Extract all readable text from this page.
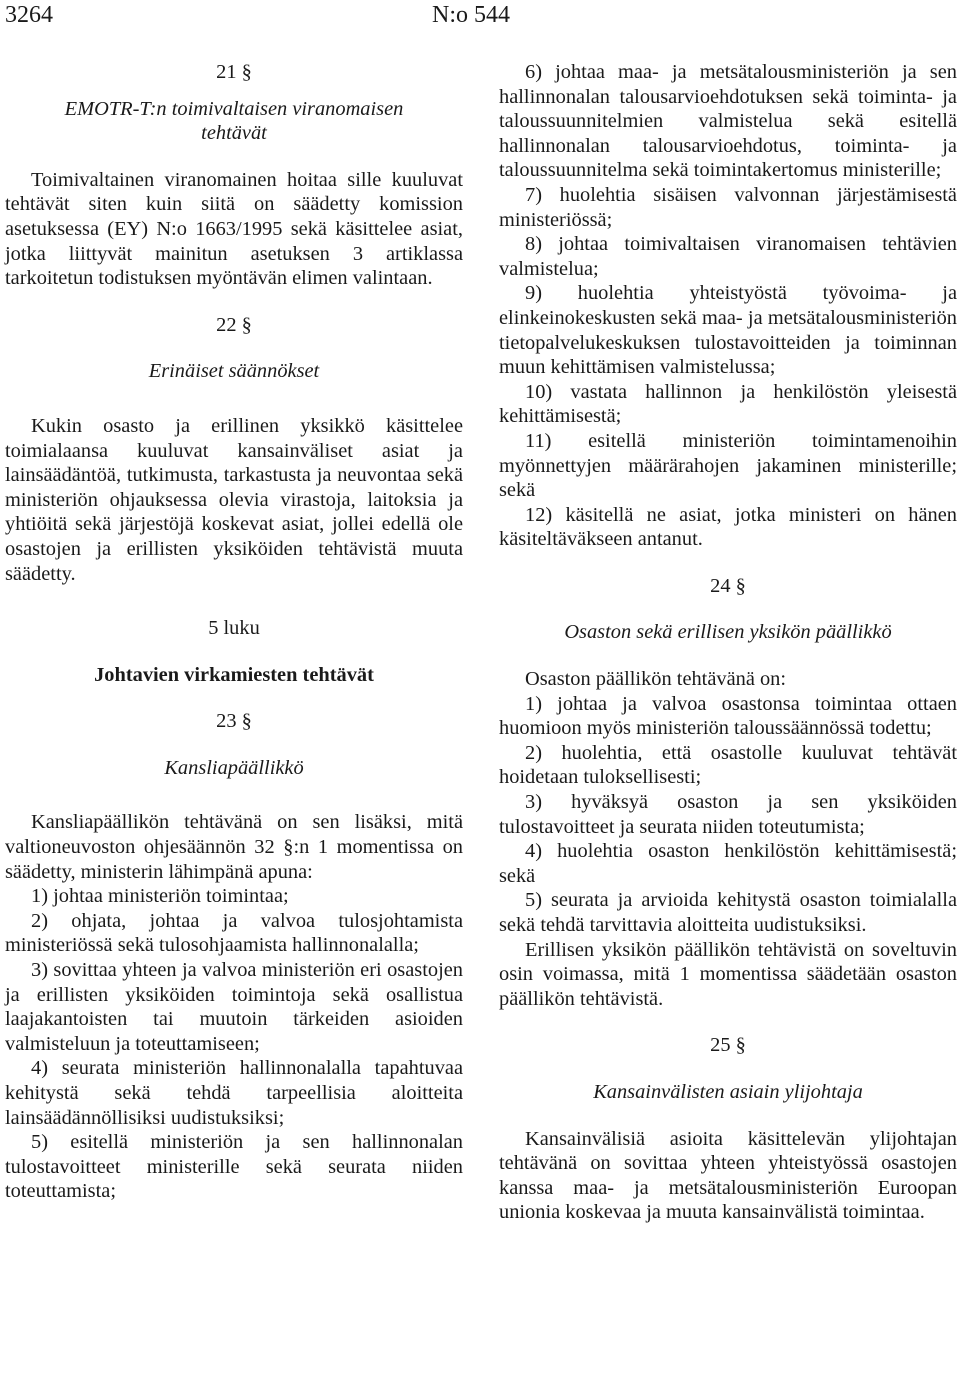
3264	N:o 544
21 §
EMOTR-T:n toimivaltaisen viranomaisen tehtävät

Toimivaltainen viranomainen hoitaa sille kuuluvat tehtävät siten kuin siitä on säädetty komission asetuksessa (EY) N:o 1663/1995 sekä käsittelee asiat, jotka liittyvät mainitun asetuksen 3 artiklassa tarkoitetun todistuksen myöntävän elimen valintaan.

22 §
Erinäiset säännökset

Kukin osasto ja erillinen yksikkö käsittelee toimialaansa kuuluvat kansainväliset asiat ja lainsäädäntöä, tutkimusta, tarkastusta ja neuvontaa sekä ministeriön ohjauksessa olevia virastoja, laitoksia ja yhtiöitä sekä järjestöjä koskevat asiat, jollei edellä ole osastojen ja erillisten yksiköiden tehtävistä muuta säädetty.

5 luku
Johtavien virkamiesten tehtävät
23 §
Kansliapäällikkö

Kansliapäällikön tehtävänä on sen lisäksi, mitä valtioneuvoston ohjesäännön 32 §:n 1 momentissa on säädetty, ministerin lähimpänä apuna:

1) johtaa ministeriön toimintaa;

2) ohjata, johtaa ja valvoa tulosjohtamista ministeriössä sekä tulosohjaamista hallinnonalalla;

3) sovittaa yhteen ja valvoa ministeriön eri osastojen ja erillisten yksiköiden toimintoja sekä osallistua laajakantoisten tai muutoin tärkeiden asioiden valmisteluun ja toteuttamiseen;

4) seurata ministeriön hallinnonalalla tapahtuvaa kehitystä sekä tehdä tarpeellisia aloitteita lainsäädännöllisiksi uudistuksiksi;

5) esitellä ministeriön ja sen hallinnonalan tulostavoitteet ministerille sekä seurata niiden toteuttamista;

6) johtaa maa- ja metsätalousministeriön ja sen hallinnonalan talousarvioehdotuksen sekä toiminta- ja taloussuunnitelmien valmistelua sekä esitellä hallinnonalan talousarvioehdotus, toiminta- ja taloussuunnitelma sekä toimintakertomus ministerille;

7) huolehtia sisäisen valvonnan järjestämisestä ministeriössä;

8) johtaa toimivaltaisen viranomaisen tehtävien valmistelua;

9) huolehtia yhteistyöstä työvoima- ja elinkeinokeskusten sekä maa- ja metsätalousministeriön tietopalvelukeskuksen tulostavoitteiden ja toiminnan muun kehittämisen valmistelussa;

10) vastata hallinnon ja henkilöstön yleisestä kehittämisestä;

11) esitellä ministeriön toimintamenoihin myönnettyjen määrärahojen jakaminen ministerille; sekä

12) käsitellä ne asiat, jotka ministeri on hänen käsiteltäväkseen antanut.

24 §
Osaston sekä erillisen yksikön päällikkö

Osaston päällikön tehtävänä on:

1) johtaa ja valvoa osastonsa toimintaa ottaen huomioon myös ministeriön taloussäännössä todettu;

2) huolehtia, että osastolle kuuluvat tehtävät hoidetaan tuloksellisesti;

3) hyväksyä osaston ja sen yksiköiden tulostavoitteet ja seurata niiden toteutumista;

4) huolehtia osaston henkilöstön kehittämisestä; sekä

5) seurata ja arvioida kehitystä osaston toimialalla sekä tehdä tarvittavia aloitteita uudistuksiksi.

Erillisen yksikön päällikön tehtävistä on soveltuvin osin voimassa, mitä 1 momentissa säädetään osaston päällikön tehtävistä.

25 §
Kansainvälisten asiain ylijohtaja

Kansainvälisiä asioita käsittelevän ylijohtajan tehtävänä on sovittaa yhteen yhteistyössä osastojen kanssa maa- ja metsätalousministeriön Euroopan unionia koskevaa ja muuta kansainvälistä toimintaa.
